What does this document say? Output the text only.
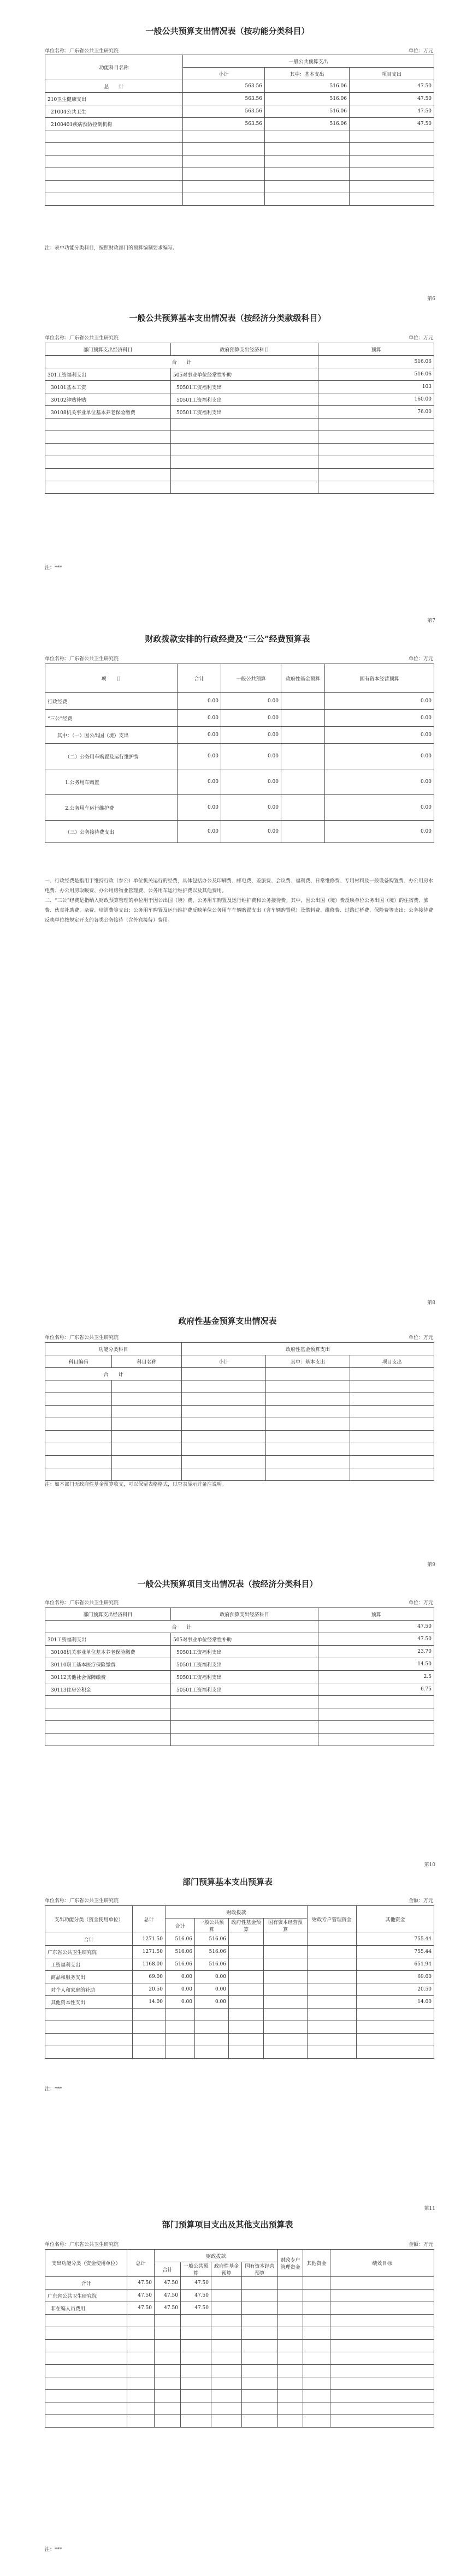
一般公共预算支出情况表（按功能分类科目）
单位名称：广东省公共卫生研究院	单位：万元
功能科目名称	一般公共预算支出		
	小计	其中：基本支出	项目支出
总　　计	563.56	516.06	47.50
210卫生健康支出	563.56	516.06	47.50
21004公共卫生	563.56	516.06	47.50
2100401疾病预防控制机构	563.56	516.06	47.50

注：表中功能分类科目，按照财政部门的预算编制要求编写。
第6
一般公共预算基本支出情况表（按经济分类款级科目）
单位名称：广东省公共卫生研究院	单位：万元
部门预算支出经济科目	政府预算支出经济科目	预算
合　　计		516.06
301工资福利支出	505对事业单位经常性补助	516.06
30101基本工资	50501工资福利支出	103
30102津贴补贴	50501工资福利支出	160.00
30108机关事业单位基本养老保险缴费	50501工资福利支出	76.00

注：***
第7
财政拨款安排的行政经费及“三公”经费预算表
单位名称：广东省公共卫生研究院	单位：万元
项　　目	合计	一般公共预算	政府性基金预算	国有资本经营预算
行政经费	0.00	0.00		0.00
“三公”经费	0.00	0.00		0.00
其中：（一）因公出国（境）支出	0.00	0.00		0.00
（二）公务用车购置及运行维护费	0.00	0.00		0.00
1.公务用车购置	0.00	0.00		0.00
2.公务用车运行维护费	0.00	0.00		0.00
（三）公务接待费支出	0.00	0.00		0.00
一、行政经费是指用于维持行政（参公）单位机关运行的经费，具体包括办公及印刷费、邮电费、差旅费、会议费、福利费、日常维修费、专用材料及一般设备购置费、办公用房水电费、办公用房取暖费、办公用房物业管理费、公务用车运行维护费以及其他费用。
二、“三公”经费是指纳入财政预算管理的单位用于因公出国（境）费、公务用车购置及运行维护费和公务接待费。其中，因公出国（境）费反映单位公务出国（境）的住宿费、旅费、伙食补助费、杂费、培训费等支出；公务用车购置及运行维护费反映单位公务用车车辆购置支出（含车辆购置税）及燃料费、维修费、过路过桥费、保险费等支出；公务接待费反映单位按规定开支的各类公务接待（含外宾接待）费用。
第8
政府性基金预算支出情况表
单位名称：广东省公共卫生研究院	单位：万元
功能分类科目		政府性基金预算支出		
科目编码	科目名称	小计	其中：基本支出	项目支出
合　　计				

注：如本部门无政府性基金预算收支，可以保留表格格式，以空表显示并备注说明。
第9
一般公共预算项目支出情况表（按经济分类科目）
单位名称：广东省公共卫生研究院	单位：万元
部门预算支出经济科目	政府预算支出经济科目	预算
合　　计		47.50
301工资福利支出	505对事业单位经常性补助	47.50
30108机关事业单位基本养老保险缴费	50501工资福利支出	23.70
30110职工基本医疗保险缴费	50501工资福利支出	14.50
30112其他社会保障缴费	50501工资福利支出	2.5
30113住房公积金	50501工资福利支出	6.75

第10
部门预算基本支出预算表
单位名称：广东省公共卫生研究院	金额：万元
支出功能分类（资金使用单位）	总计	财政拨款				财政专户管理资金	其他资金
		合计	一般公共预算	政府性基金预算	国有资本经营预算		
合计	1271.50	516.06	516.06				755.44
广东省公共卫生研究院	1271.50	516.06	516.06				755.44
工资福利支出	1168.00	516.06	516.06				651.94
商品和服务支出	69.00	0.00	0.00				69.00
对个人和家庭的补助	20.50	0.00	0.00				20.50
其他资本性支出	14.00	0.00	0.00				14.00

注：***
第11
部门预算项目支出及其他支出预算表
单位名称：广东省公共卫生研究院	金额：万元
支出功能分类（资金使用单位）	总计	财政拨款				财政专户管理资金	其他资金	绩效目标
		合计	一般公共预算	政府性基金预算	国有资本经营预算			
合计	47.50	47.50	47.50					
广东省公共卫生研究院	47.50	47.50	47.50					
非在编人员费用	47.50	47.50	47.50					

注：***
